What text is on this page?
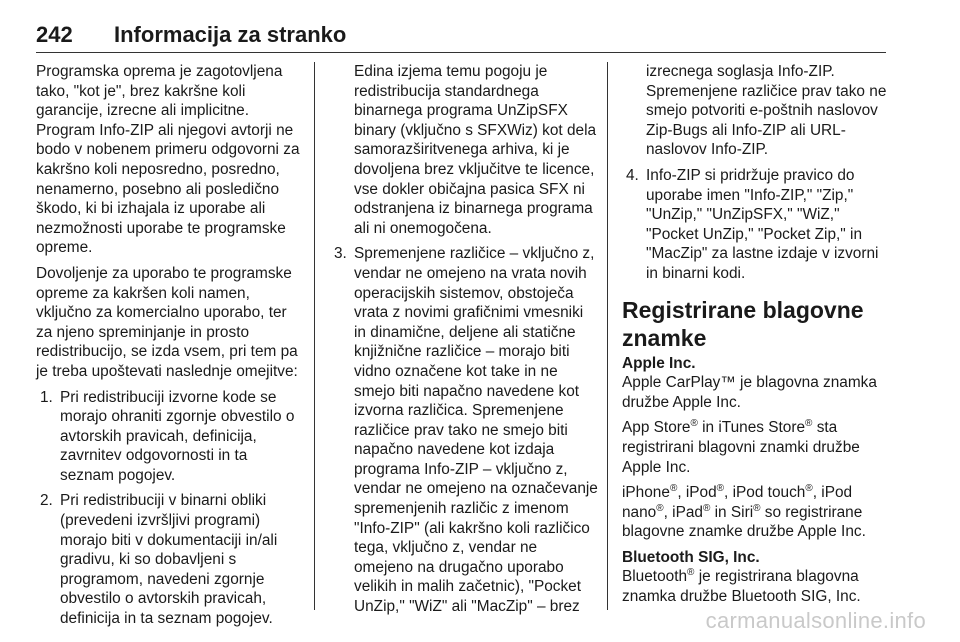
242 Informacija za stranko

Programska oprema je zagotovljena tako, "kot je", brez kakršne koli garancije, izrecne ali implicitne. Program Info-ZIP ali njegovi avtorji ne bodo v nobenem primeru odgovorni za kakršno koli neposredno, posredno, nenamerno, posebno ali posledično škodo, ki bi izhajala iz uporabe ali nezmožnosti uporabe te programske opreme.

Dovoljenje za uporabo te programske opreme za kakršen koli namen, vključno za komercialno uporabo, ter za njeno spreminjanje in prosto redistribucijo, se izda vsem, pri tem pa je treba upoštevati naslednje omejitve:

1. Pri redistribuciji izvorne kode se morajo ohraniti zgornje obvestilo o avtorskih pravicah, definicija, zavrnitev odgovornosti in ta seznam pogojev.
2. Pri redistribuciji v binarni obliki (prevedeni izvršljivi programi) morajo biti v dokumentaciji in/ali gradivu, ki so dobavljeni s programom, navedeni zgornje obvestilo o avtorskih pravicah, definicija in ta seznam pogojev.

Edina izjema temu pogoju je redistribucija standardnega binarnega programa UnZipSFX binary (vključno s SFXWiz) kot dela samorazširitvenega arhiva, ki je dovoljena brez vključitve te licence, vse dokler običajna pasica SFX ni odstranjena iz binarnega programa ali ni onemogočena.

3. Spremenjene različice – vključno z, vendar ne omejeno na vrata novih operacijskih sistemov, obstoječa vrata z novimi grafičnimi vmesniki in dinamične, deljene ali statične knjižnične različice – morajo biti vidno označene kot take in ne smejo biti napačno navedene kot izvorna različica. Spremenjene različice prav tako ne smejo biti napačno navedene kot izdaja programa Info-ZIP – vključno z, vendar ne omejeno na označevanje spremenjenih različic z imenom "Info-ZIP" (ali kakršno koli različico tega, vključno z, vendar ne omejeno na drugačno uporabo velikih in malih začetnic), "Pocket UnZip," "WiZ" ali "MacZip" – brez

izrecnega soglasja Info-ZIP. Spremenjene različice prav tako ne smejo potvoriti e-poštnih naslovov Zip-Bugs ali Info-ZIP ali URL-naslovov Info-ZIP.

4. Info-ZIP si pridržuje pravico do uporabe imen "Info-ZIP," "Zip," "UnZip," "UnZipSFX," "WiZ," "Pocket UnZip," "Pocket Zip," in "MacZip" za lastne izdaje v izvorni in binarni kodi.
Registrirane blagovne znamke
Apple Inc.

Apple CarPlay™ je blagovna znamka družbe Apple Inc.

App Store® in iTunes Store® sta registrirani blagovni znamki družbe Apple Inc.

iPhone®, iPod®, iPod touch®, iPod nano®, iPad® in Siri® so registrirane blagovne znamke družbe Apple Inc.

Bluetooth SIG, Inc.

Bluetooth® je registrirana blagovna znamka družbe Bluetooth SIG, Inc.

carmanualsonline.info
